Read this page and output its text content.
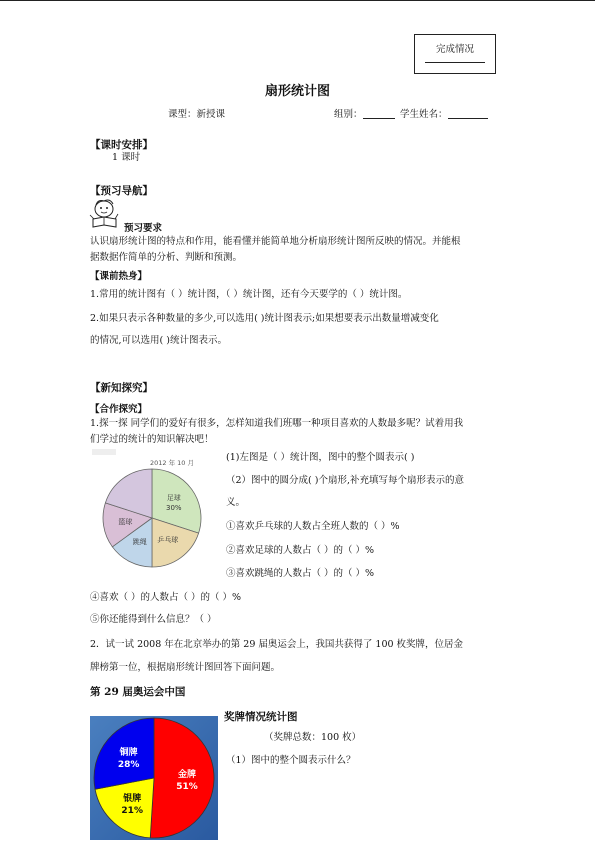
完成情况
扇形统计图
课型：新授课	组别：	学生姓名：
【课时安排】
1 课时
【预习导航】
预习要求
认识扇形统计图的特点和作用，能看懂并能简单地分析扇形统计图所反映的情况。并能根
据数据作简单的分析、判断和预测。
【课前热身】
1.常用的统计图有（ ）统计图，（ ）统计图，还有今天要学的（ ）统计图。
2.如果只表示各种数量的多少,可以选用( )统计图表示;如果想要表示出数量增减变化
的情况,可以选用( )统计图表示。
【新知探究】
【合作探究】
1.探一探 同学们的爱好有很多，怎样知道我们班哪一种项目喜欢的人数最多呢？试着用我
们学过的统计的知识解决吧！
2012 年 10 月
足球
30%
乒乓球
跳绳
篮球
(1)左图是（ ）统计图，图中的整个圆表示( )
（2）图中的圆分成( )个扇形,补充填写每个扇形表示的意
义。
①喜欢乒乓球的人数占全班人数的（ ）%
②喜欢足球的人数占（ ）的（ ）%
③喜欢跳绳的人数占（ ）的（ ）%
④喜欢（ ）的人数占（ ）的（ ）%
⑤你还能得到什么信息？（ ）
2．试一试 2008 年在北京举办的第 29 届奥运会上，我国共获得了 100 枚奖牌，位居金
牌榜第一位，根据扇形统计图回答下面问题。
第 29 届奥运会中国
奖牌情况统计图
（奖牌总数：100 枚）
（1）图中的整个圆表示什么？
金牌
51%
银牌
21%
铜牌
28%
